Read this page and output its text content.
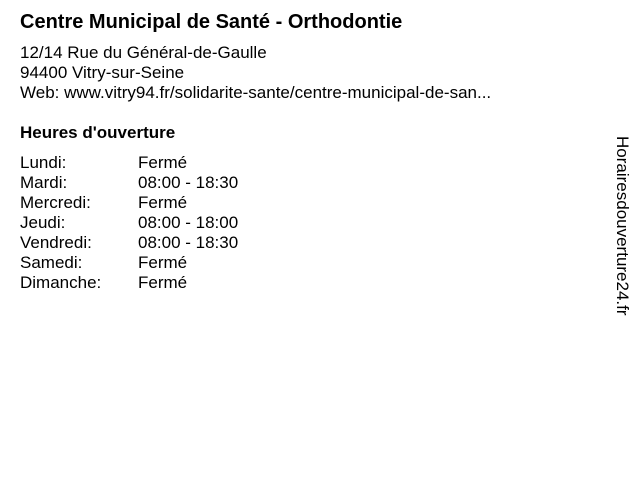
Centre Municipal de Santé - Orthodontie
12/14 Rue du Général-de-Gaulle
94400 Vitry-sur-Seine
Web: www.vitry94.fr/solidarite-sante/centre-municipal-de-san...
Heures d'ouverture
Lundi:	Fermé
Mardi:	08:00 - 18:30
Mercredi:	Fermé
Jeudi:	08:00 - 18:00
Vendredi:	08:00 - 18:30
Samedi:	Fermé
Dimanche:	Fermé	Horairesdouverture24.fr
